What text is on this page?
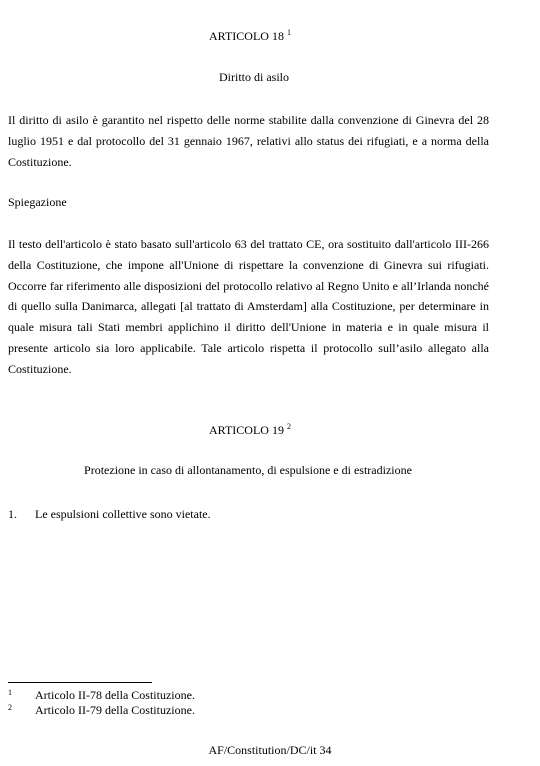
ARTICOLO 18 $^1$
Diritto di asilo

Il diritto di asilo è garantito nel rispetto delle norme stabilite dalla convenzione di Ginevra del 28 luglio 1951 e dal protocollo del 31 gennaio 1967, relativi allo status dei rifugiati, e a norma della Costituzione.

Spiegazione

Il testo dell'articolo è stato basato sull'articolo 63 del trattato CE, ora sostituito dall'articolo III-266 della Costituzione, che impone all'Unione di rispettare la convenzione di Ginevra sui rifugiati. Occorre far riferimento alle disposizioni del protocollo relativo al Regno Unito e all’Irlanda nonché di quello sulla Danimarca, allegati [al trattato di Amsterdam] alla Costituzione, per determinare in quale misura tali Stati membri applichino il diritto dell'Unione in materia e in quale misura il presente articolo sia loro applicabile. Tale articolo rispetta il protocollo sull’asilo allegato alla Costituzione.

ARTICOLO 19 $^2$
Protezione in caso di allontanamento, di espulsione e di estradizione
1. Le espulsioni collettive sono vietate.
1 Articolo II-78 della Costituzione.
2 Articolo II-79 della Costituzione.
AF/Constitution/DC/it 34
